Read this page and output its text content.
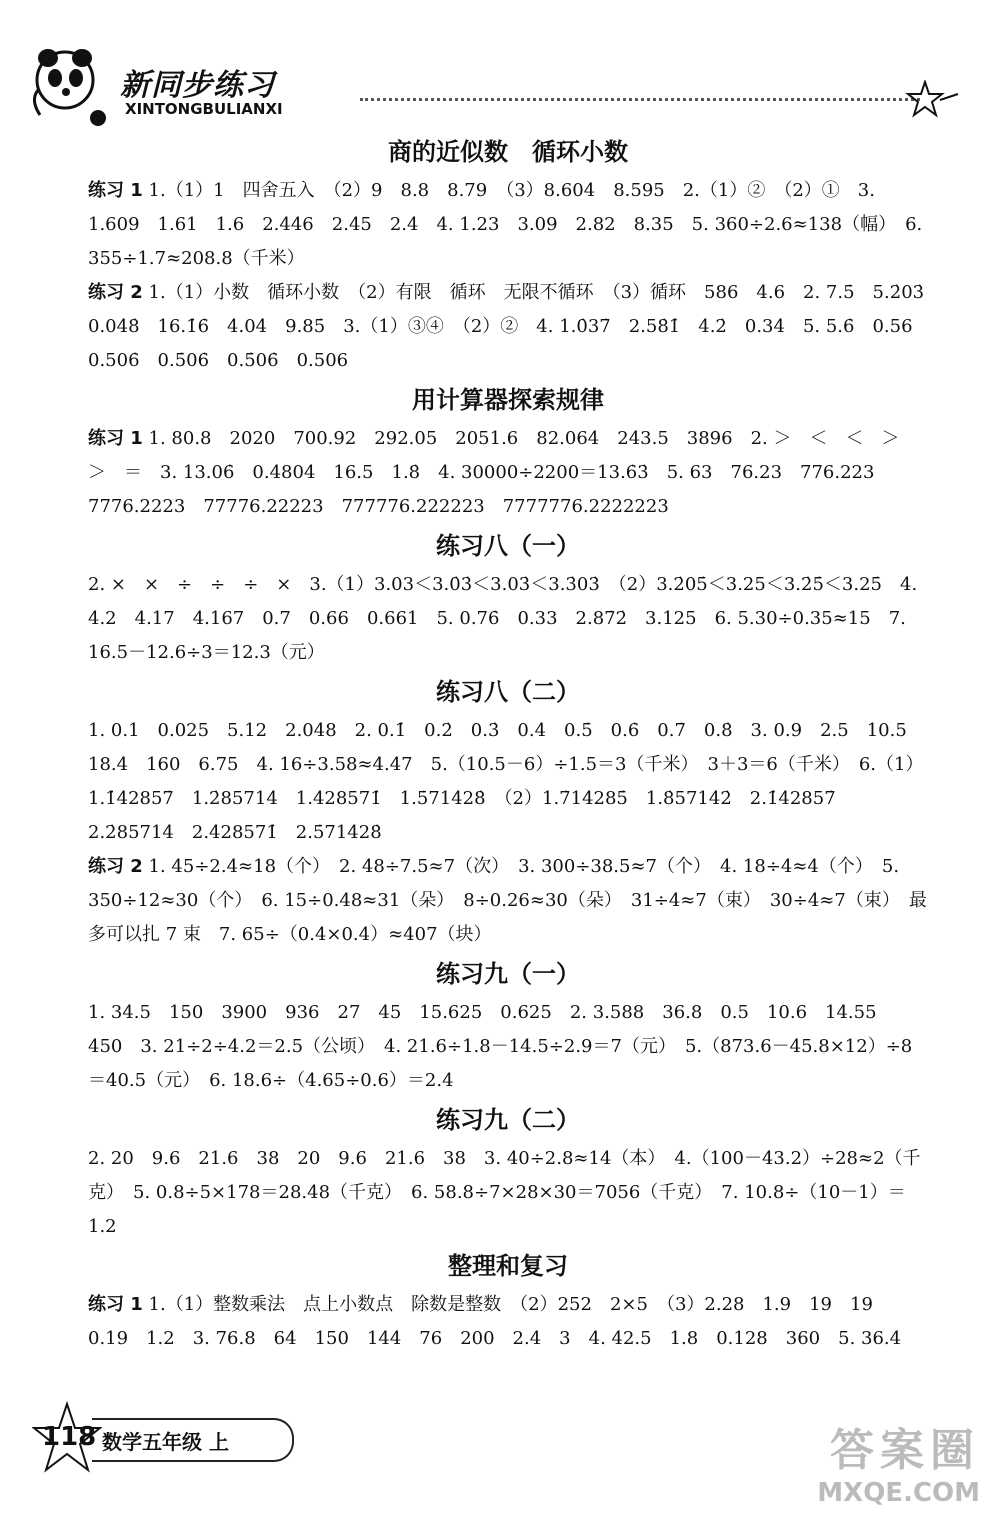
新同步练习
XINTONGBULIANXI
商的近似数　循环小数

练习 1 1.（1）1　四舍五入　（2）9　8.8　8.79　（3）8.604　8.595　2.（1）②　（2）①　3. 1.609　1.61　1.6　2.446　2.45　2.4　4. 1.23　3.09　2.82　8.35　5. 360÷2.6≈138（幅）　6. 355÷1.7≈208.8（千米）

练习 2 1.（1）小数　循环小数　（2）有限　循环　无限不循环　（3）循环　586　4.6　2. 7.5̇　5.2̇03̇　0.04̇8̇　16.1̇6̇　4.04̇　9.85̇　3.（1）③④　（2）②　4. 1.0̇37̇　2.58̇1̇　4.2̇　0.34̇　5. 5.6̇　0.56　0.506̇　0.5̇06̇　0.5̇06̇　0.506

用计算器探索规律

练习 1 1. 80.8　2020　700.92　292.05　2051.6　82.064　243.5　3896　2. ＞　＜　＜　＞　＞　＝　3. 13.06̇　0.4804　16.5　1.8̇　4. 30000÷2200＝13.6̇3̇　5. 63　76.23　776.223　7776.2223　77776.22223　777776.222223　7777776.2222223

练习八（一）

2. ×　×　÷　÷　÷　×　3.（1）3.03＜3.0̇3̇＜3.03̇＜3.3̇03̇　（2）3.2̇05̇＜3.25＜3.2̇5̇＜3.25̇　4. 4.2　4.17　4.167　0.7　0.66　0.661　5. 0.76̇　0.33　2.87̇2̇　3.125　6. 5.30÷0.35≈15　7. 16.5－12.6÷3＝12.3（元）

练习八（二）

1. 0.1　0.025　5.12　2.048　2. 0.1̇　0.2̇　0.3̇　0.4̇　0.5̇　0.6̇　0.7̇　0.8̇　3. 0.9　2.5　10.5　18.4　160　6.75　4. 16÷3.58≈4.47　5.（10.5－6）÷1.5＝3（千米）　3＋3＝6（千米）　6.（1）1.1̇42857̇　1.2̇85714̇　1.4̇28571̇　1.5̇71428̇　（2）1.7̇14285̇　1.8̇57142̇　2.1̇42857̇　2.2̇85714̇　2.4̇28571̇　2.5̇71428̇

练习 2 1. 45÷2.4≈18（个）　2. 48÷7.5≈7（次）　3. 300÷38.5≈7（个）　4. 18÷4≈4（个）　5. 350÷12≈30（个）　6. 15÷0.48≈31（朵）　8÷0.26≈30（朵）　31÷4≈7（束）　30÷4≈7（束）　最多可以扎 7 束　7. 65÷（0.4×0.4）≈407（块）

练习九（一）

1. 34.5　150　3900　936　27　45　15.625　0.625　2. 3.588　36.8　0.5　10.6　14.55　450　3. 21÷2÷4.2＝2.5（公顷）　4. 21.6÷1.8－14.5÷2.9＝7（元）　5.（873.6－45.8×12）÷8＝40.5（元）　6. 18.6÷（4.65÷0.6）＝2.4

练习九（二）

2. 20　9.6　21.6　38　20　9.6　21.6　38　3. 40÷2.8≈14（本）　4.（100－43.2）÷28≈2（千克）　5. 0.8÷5×178＝28.48（千克）　6. 58.8÷7×28×30＝7056（千克）　7. 10.8÷（10－1）＝1.2

整理和复习

练习 1 1.（1）整数乘法　点上小数点　除数是整数　（2）252　2×5　（3）2.28　1.9　19　19　0.19　1.2　3. 76.8　64　150　144　76　200　2.4　3　4. 42.5　1.8　0.128　360　5. 36.4

118 数学五年级 上	答案圈
MXQE.COM
